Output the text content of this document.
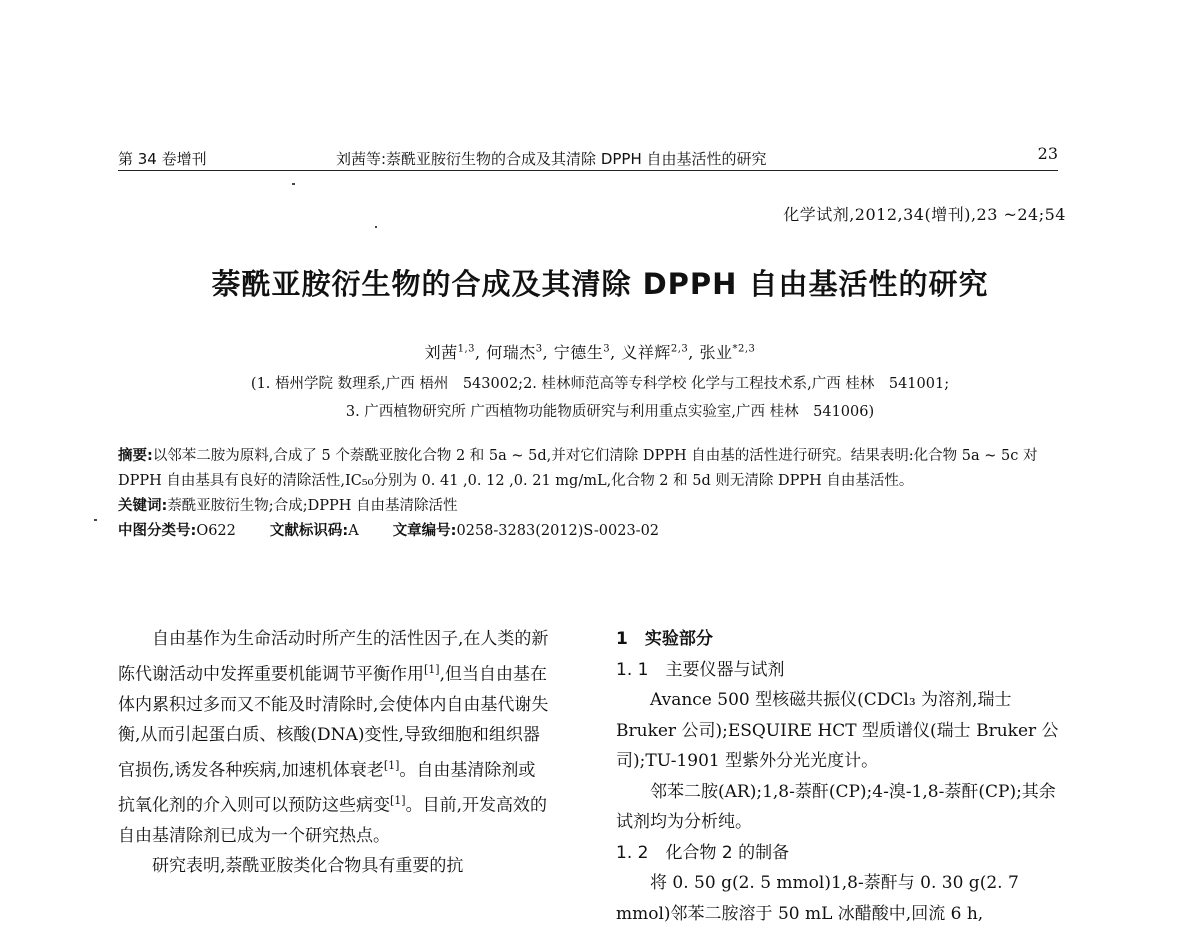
第 34 卷增刊	刘茜等:萘酰亚胺衍生物的合成及其清除 DPPH 自由基活性的研究	23
化学试剂,2012,34(增刊),23 ~24;54
萘酰亚胺衍生物的合成及其清除 DPPH 自由基活性的研究
刘茜$^{1,3}$, 何瑞杰$^3$, 宁德生$^3$, 义祥辉$^{2,3}$, 张业$^{*2,3}$
(1. 梧州学院 数理系,广西 梧州　543002;2. 桂林师范高等专科学校 化学与工程技术系,广西 桂林　541001;
3. 广西植物研究所 广西植物功能物质研究与利用重点实验室,广西 桂林　541006)

摘要:以邻苯二胺为原料,合成了 5 个萘酰亚胺化合物 2 和 5a ~ 5d,并对它们清除 DPPH 自由基的活性进行研究。结果表明:化合物 5a ~ 5c 对 DPPH 自由基具有良好的清除活性,IC₅₀分别为 0. 41 ,0. 12 ,0. 21 mg/mL,化合物 2 和 5d 则无清除 DPPH 自由基活性。

关键词:萘酰亚胺衍生物;合成;DPPH 自由基清除活性

中图分类号:O622 文献标识码:A 文章编号:0258-3283(2012)S-0023-02

自由基作为生命活动时所产生的活性因子,在人类的新陈代谢活动中发挥重要机能调节平衡作用[1],但当自由基在体内累积过多而又不能及时清除时,会使体内自由基代谢失衡,从而引起蛋白质、核酸(DNA)变性,导致细胞和组织器官损伤,诱发各种疾病,加速机体衰老[1]。自由基清除剂或抗氧化剂的介入则可以预防这些病变[1]。目前,开发高效的自由基清除剂已成为一个研究热点。

研究表明,萘酰亚胺类化合物具有重要的抗

1　实验部分

1. 1　主要仪器与试剂

Avance 500 型核磁共振仪(CDCl₃ 为溶剂,瑞士 Bruker 公司);ESQUIRE HCT 型质谱仪(瑞士 Bruker 公司);TU-1901 型紫外分光光度计。

邻苯二胺(AR);1,8-萘酐(CP);4-溴-1,8-萘酐(CP);其余试剂均为分析纯。

1. 2　化合物 2 的制备

将 0. 50 g(2. 5 mmol)1,8-萘酐与 0. 30 g(2. 7 mmol)邻苯二胺溶于 50 mL 冰醋酸中,回流 6 h,
